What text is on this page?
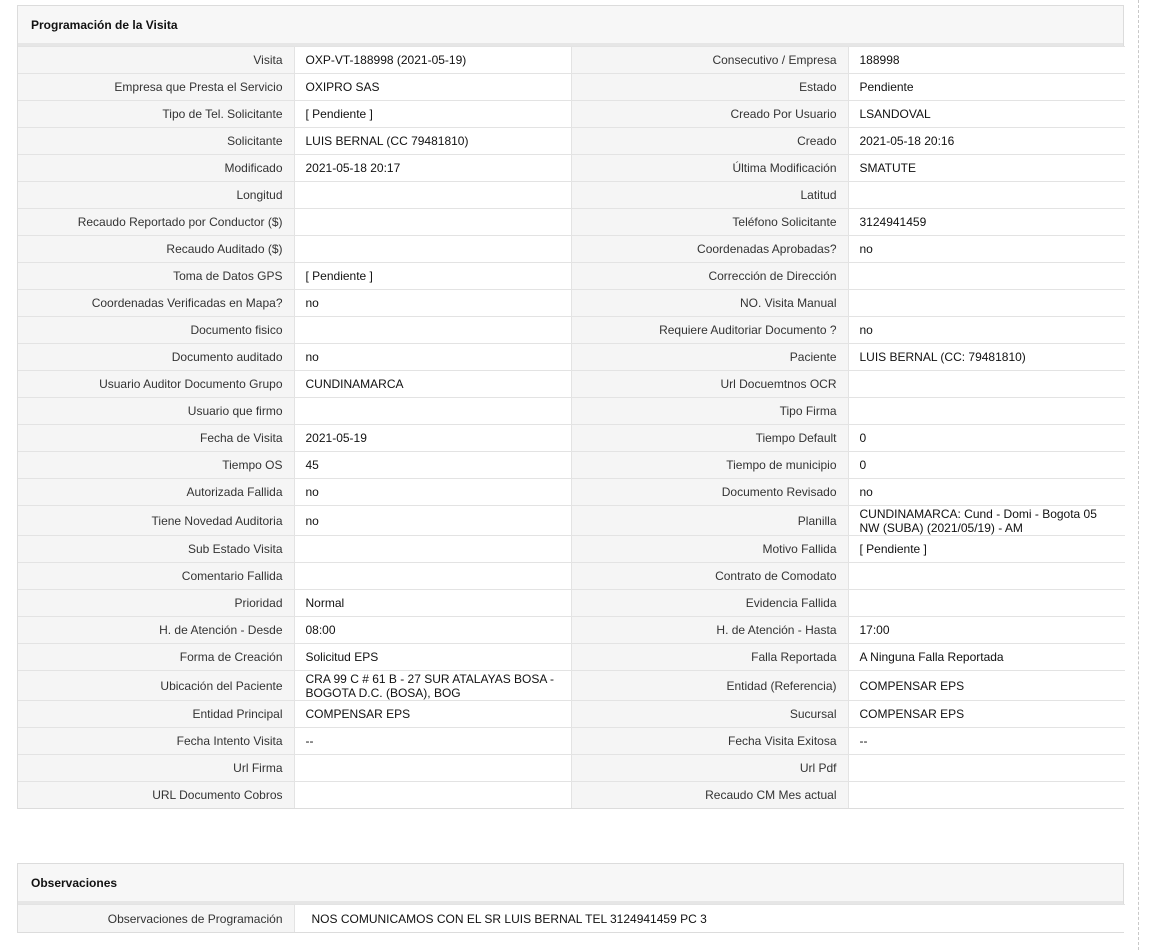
Programación de la Visita
Visita	OXP-VT-188998 (2021-05-19)	Consecutivo / Empresa	188998
Empresa que Presta el Servicio	OXIPRO SAS	Estado	Pendiente
Tipo de Tel. Solicitante	[ Pendiente ]	Creado Por Usuario	LSANDOVAL
Solicitante	LUIS BERNAL (CC 79481810)	Creado	2021-05-18 20:16
Modificado	2021-05-18 20:17	Última Modificación	SMATUTE
Longitud		Latitud	
Recaudo Reportado por Conductor ($)		Teléfono Solicitante	3124941459
Recaudo Auditado ($)		Coordenadas Aprobadas?	no
Toma de Datos GPS	[ Pendiente ]	Corrección de Dirección	
Coordenadas Verificadas en Mapa?	no	NO. Visita Manual	
Documento fisico		Requiere Auditoriar Documento ?	no
Documento auditado	no	Paciente	LUIS BERNAL (CC: 79481810)
Usuario Auditor Documento Grupo	CUNDINAMARCA	Url Docuemtnos OCR	
Usuario que firmo		Tipo Firma	
Fecha de Visita	2021-05-19	Tiempo Default	0
Tiempo OS	45	Tiempo de municipio	0
Autorizada Fallida	no	Documento Revisado	no
Tiene Novedad Auditoria	no	Planilla	CUNDINAMARCA: Cund - Domi - Bogota 05 NW (SUBA) (2021/05/19) - AM
Sub Estado Visita		Motivo Fallida	[ Pendiente ]
Comentario Fallida		Contrato de Comodato	
Prioridad	Normal	Evidencia Fallida	
H. de Atención - Desde	08:00	H. de Atención - Hasta	17:00
Forma de Creación	Solicitud EPS	Falla Reportada	A Ninguna Falla Reportada
Ubicación del Paciente	CRA 99 C # 61 B - 27 SUR ATALAYAS BOSA - BOGOTA D.C. (BOSA), BOG	Entidad (Referencia)	COMPENSAR EPS
Entidad Principal	COMPENSAR EPS	Sucursal	COMPENSAR EPS
Fecha Intento Visita	--	Fecha Visita Exitosa	--
Url Firma		Url Pdf	
URL Documento Cobros		Recaudo CM Mes actual	
Observaciones
Observaciones de Programación	NOS COMUNICAMOS CON EL SR LUIS BERNAL TEL 3124941459 PC 3
